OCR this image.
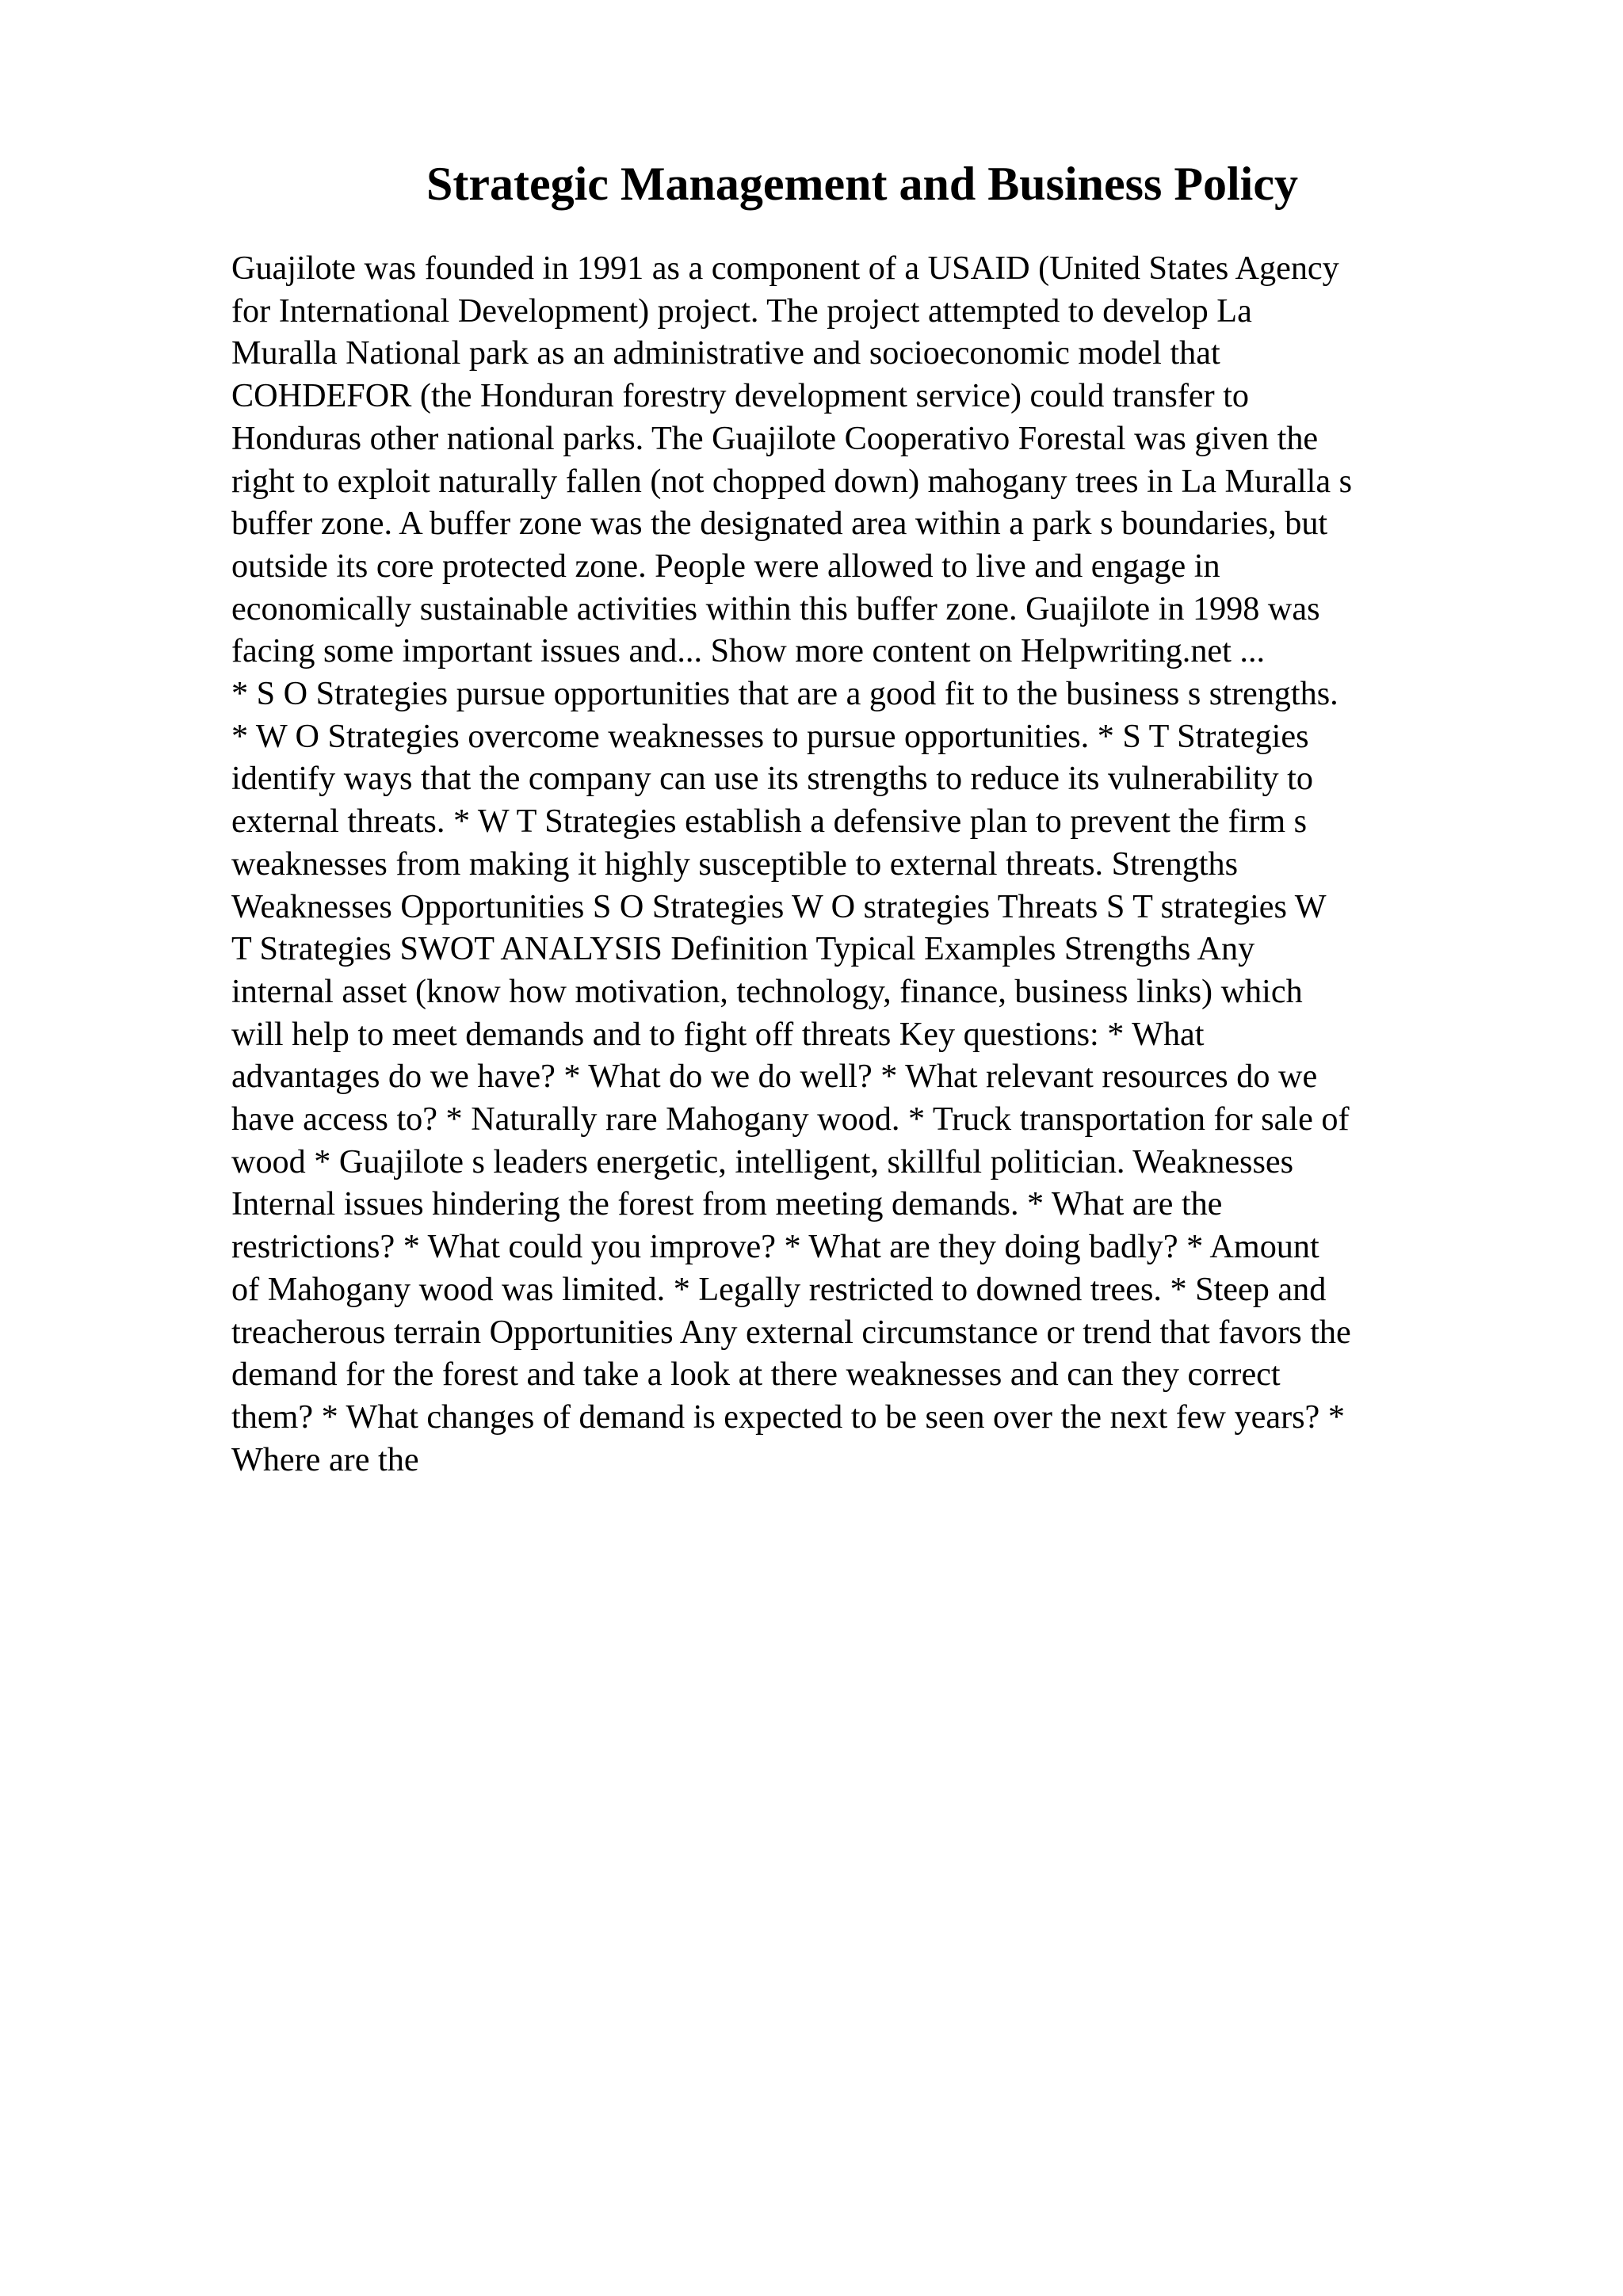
Strategic Management and Business Policy
Guajilote was founded in 1991 as a component of a USAID (United States Agency
for International Development) project. The project attempted to develop La
Muralla National park as an administrative and socioeconomic model that
COHDEFOR (the Honduran forestry development service) could transfer to
Honduras other national parks. The Guajilote Cooperativo Forestal was given the
right to exploit naturally fallen (not chopped down) mahogany trees in La Muralla s
buffer zone. A buffer zone was the designated area within a park s boundaries, but
outside its core protected zone. People were allowed to live and engage in
economically sustainable activities within this buffer zone. Guajilote in 1998 was
facing some important issues and... Show more content on Helpwriting.net ...
* S O Strategies pursue opportunities that are a good fit to the business s strengths.
* W O Strategies overcome weaknesses to pursue opportunities. * S T Strategies
identify ways that the company can use its strengths to reduce its vulnerability to
external threats. * W T Strategies establish a defensive plan to prevent the firm s
weaknesses from making it highly susceptible to external threats. Strengths
Weaknesses Opportunities S O Strategies W O strategies Threats S T strategies W
T Strategies SWOT ANALYSIS Definition Typical Examples Strengths Any
internal asset (know how motivation, technology, finance, business links) which
will help to meet demands and to fight off threats Key questions: * What
advantages do we have? * What do we do well? * What relevant resources do we
have access to? * Naturally rare Mahogany wood. * Truck transportation for sale of
wood * Guajilote s leaders energetic, intelligent, skillful politician. Weaknesses
Internal issues hindering the forest from meeting demands. * What are the
restrictions? * What could you improve? * What are they doing badly? * Amount
of Mahogany wood was limited. * Legally restricted to downed trees. * Steep and
treacherous terrain Opportunities Any external circumstance or trend that favors the
demand for the forest and take a look at there weaknesses and can they correct
them? * What changes of demand is expected to be seen over the next few years? *
Where are the
